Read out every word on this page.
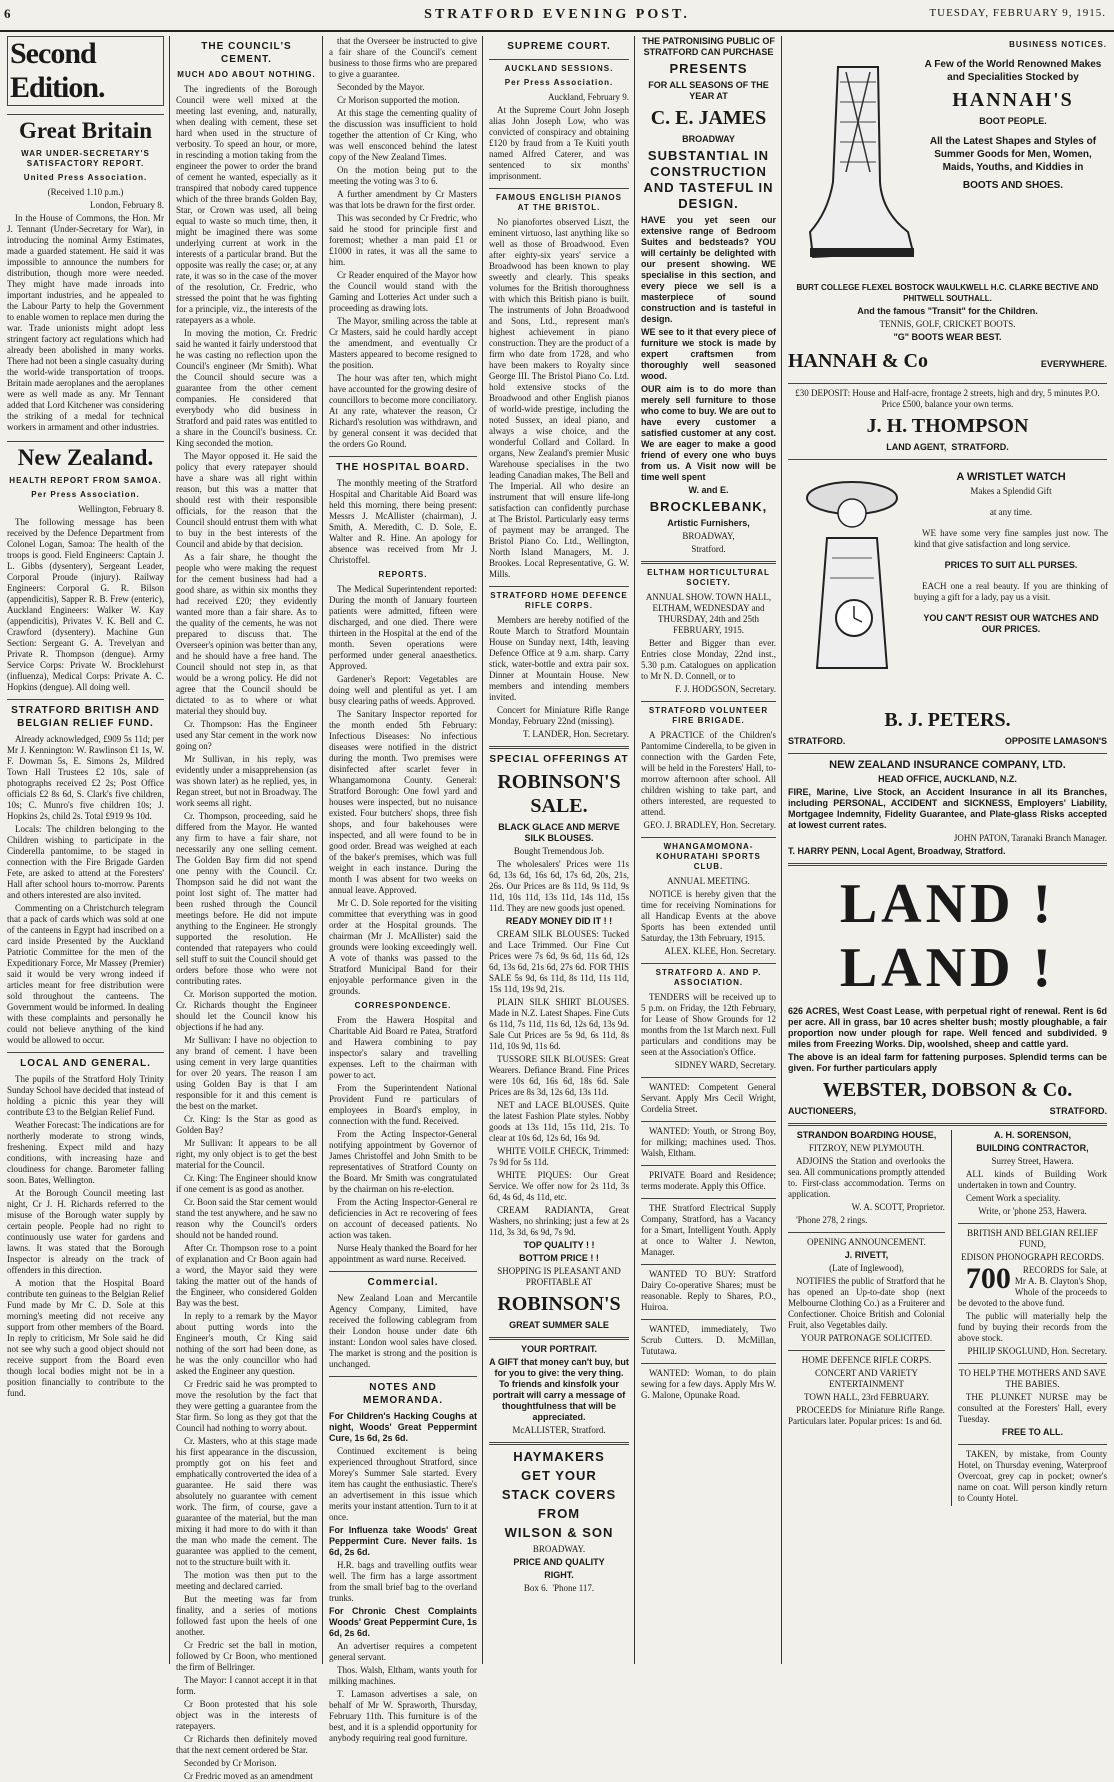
6	STRATFORD EVENING POST.	TUESDAY, FEBRUARY 9, 1915.
Second Edition.
Great Britain
WAR UNDER-SECRETARY'S SATISFACTORY REPORT.
United Press Association.

(Received 1.10 p.m.)

London, February 8.

In the House of Commons, the Hon. Mr J. Tennant (Under-Secretary for War), in introducing the nominal Army Estimates, made a guarded statement. He said it was impossible to announce the numbers for distribution, though more were needed. They might have made inroads into important industries, and he appealed to the Labour Party to help the Government to enable women to replace men during the war. Trade unionists might adopt less stringent factory act regulations which had already been abolished in many works. There had not been a single casualty during the world-wide transportation of troops. Britain made aeroplanes and the aeroplanes were as well made as any. Mr Tennant added that Lord Kitchener was considering the striking of a medal for technical workers in armament and other industries.

New Zealand.
HEALTH REPORT FROM SAMOA.
Per Press Association.

Wellington, February 8.

The following message has been received by the Defence Department from Colonel Logan, Samoa: The health of the troops is good. Field Engineers: Captain J. L. Gibbs (dysentery), Sergeant Leader, Corporal Proude (injury). Railway Engineers: Corporal G. R. Bilson (appendicitis), Sapper R. B. Frew (enteric), Auckland Engineers: Walker W. Kay (appendicitis), Privates V. K. Bell and C. Crawford (dysentery). Machine Gun Section: Sergeant G. A. Trevelyan and Private R. Thompson (dengue). Army Service Corps: Private W. Brocklehurst (influenza), Medical Corps: Private A. C. Hopkins (dengue). All doing well.

STRATFORD BRITISH AND BELGIAN RELIEF FUND.

Already acknowledged, £909 5s 11d; per Mr J. Kennington: W. Rawlinson £1 1s, W. F. Dowman 5s, E. Simons 2s, Mildred Town Hall Trustees £2 10s, sale of photographs received £2 2s; Post Office officials £2 8s 6d, S. Clark's five children, 10s; C. Munro's five children 10s; J. Hopkins 2s, child 2s. Total £919 9s 10d.

Locals: The children belonging to the Children wishing to participate in the Cinderella pantomime, to be staged in connection with the Fire Brigade Garden Fete, are asked to attend at the Foresters' Hall after school hours to-morrow. Parents and others interested are also invited.

Commenting on a Christchurch telegram that a pack of cards which was sold at one of the canteens in Egypt had inscribed on a card inside Presented by the Auckland Patriotic Committee for the men of the Expeditionary Force, Mr Massey (Premier) said it would be very wrong indeed if articles meant for free distribution were sold throughout the canteens. The Government would be informed. In dealing with these complaints and personally he could not believe anything of the kind would be allowed to occur.

LOCAL AND GENERAL.

The pupils of the Stratford Holy Trinity Sunday School have decided that instead of holding a picnic this year they will contribute £3 to the Belgian Relief Fund.

Weather Forecast: The indications are for northerly moderate to strong winds, freshening. Expect mild and hazy conditions, with increasing haze and cloudiness for change. Barometer falling soon. Bates, Wellington.

At the Borough Council meeting last night, Cr J. H. Richards referred to the misuse of the Borough water supply by certain people. People had no right to continuously use water for gardens and lawns. It was stated that the Borough Inspector is already on the track of offenders in this direction.

A motion that the Hospital Board contribute ten guineas to the Belgian Relief Fund made by Mr C. D. Sole at this morning's meeting did not receive any support from other members of the Board. In reply to criticism, Mr Sole said he did not see why such a good object should not receive support from the Board even though local bodies might not be in a position financially to contribute to the fund.

THE COUNCIL'S CEMENT.
MUCH ADO ABOUT NOTHING.

The ingredients of the Borough Council were well mixed at the meeting last evening, and, naturally, when dealing with cement, these set hard when used in the structure of verbosity. To speed an hour, or more, in rescinding a motion taking from the engineer the power to order the brand of cement he wanted, especially as it transpired that nobody cared tuppence which of the three brands Golden Bay, Star, or Crown was used, all being equal to waste so much time, then, it might be imagined there was some underlying current at work in the interests of a particular brand. But the opposite was really the case; or, at any rate, it was so in the case of the mover of the resolution, Cr. Fredric, who stressed the point that he was fighting for a principle, viz., the interests of the ratepayers as a whole.

In moving the motion, Cr. Fredric said he wanted it fairly understood that he was casting no reflection upon the Council's engineer (Mr Smith). What the Council should secure was a guarantee from the other cement companies. He considered that everybody who did business in Stratford and paid rates was entitled to a share in the Council's business. Cr. King seconded the motion.

The Mayor opposed it. He said the policy that every ratepayer should have a share was all right within reason, but this was a matter that should rest with their responsible officials, for the reason that the Council should entrust them with what to buy in the best interests of the Council and abide by that decision.

As a fair share, he thought the people who were making the request for the cement business had had a good share, as within six months they had received £20; they evidently wanted more than a fair share. As to the quality of the cements, he was not prepared to discuss that. The Overseer's opinion was better than any, and he should have a free hand. The Council should not step in, as that would be a wrong policy. He did not agree that the Council should be dictated to as to where or what material they should buy.

Cr. Thompson: Has the Engineer used any Star cement in the work now going on?

Mr Sullivan, in his reply, was evidently under a misapprehension (as was shown later) as he replied, yes, in Regan street, but not in Broadway. The work seems all right.

Cr. Thompson, proceeding, said he differed from the Mayor. He wanted any firm to have a fair share, not necessarily any one selling cement. The Golden Bay firm did not spend one penny with the Council. Cr. Thompson said he did not want the point lost sight of. The matter had been rushed through the Council meetings before. He did not impute anything to the Engineer. He strongly supported the resolution. He contended that ratepayers who could sell stuff to suit the Council should get orders before those who were not contributing rates.

Cr. Morison supported the motion. Cr. Richards thought the Engineer should let the Council know his objections if he had any.

Mr Sullivan: I have no objection to any brand of cement. I have been using cement in very large quantities for over 20 years. The reason I am using Golden Bay is that I am responsible for it and this cement is the best on the market.

Cr. King: Is the Star as good as Golden Bay?

Mr Sullivan: It appears to be all right, my only object is to get the best material for the Council.

Cr. King: The Engineer should know if one cement is as good as another.

Cr. Boon said the Star cement would stand the test anywhere, and he saw no reason why the Council's orders should not be handed round.

After Cr. Thompson rose to a point of explanation and Cr Boon again had a word, the Mayor said they were taking the matter out of the hands of the Engineer, who considered Golden Bay was the best.

In reply to a remark by the Mayor about putting words into the Engineer's mouth, Cr King said nothing of the sort had been done, as he was the only councillor who had asked the Engineer any question.

Cr Fredric said he was prompted to move the resolution by the fact that they were getting a guarantee from the Star firm. So long as they got that the Council had nothing to worry about.

Cr. Masters, who at this stage made his first appearance in the discussion, promptly got on his feet and emphatically controverted the idea of a guarantee. He said there was absolutely no guarantee with cement work. The firm, of course, gave a guarantee of the material, but the man mixing it had more to do with it than the man who made the cement. The guarantee was applied to the cement, not to the structure built with it.

The motion was then put to the meeting and declared carried.

But the meeting was far from finality, and a series of motions followed fast upon the heels of one another.

Cr Fredric set the ball in motion, followed by Cr Boon, who mentioned the firm of Bellringer.

The Mayor: I cannot accept it in that form.

Cr Boon protested that his sole object was in the interests of ratepayers.

Cr Richards then definitely moved that the next cement ordered be Star.

Seconded by Cr Morison.

Cr Fredric moved as an amendment

that the Overseer be instructed to give a fair share of the Council's cement business to those firms who are prepared to give a guarantee.

Seconded by the Mayor.

Cr Morison supported the motion.

At this stage the cementing quality of the discussion was insufficient to hold together the attention of Cr King, who was well ensconced behind the latest copy of the New Zealand Times.

On the motion being put to the meeting the voting was 3 to 6.

A further amendment by Cr Masters was that lots be drawn for the first order.

This was seconded by Cr Fredric, who said he stood for principle first and foremost; whether a man paid £1 or £1000 in rates, it was all the same to him.

Cr Reader enquired of the Mayor how the Council would stand with the Gaming and Lotteries Act under such a proceeding as drawing lots.

The Mayor, smiling across the table at Cr Masters, said he could hardly accept the amendment, and eventually Cr Masters appeared to become resigned to the position.

The hour was after ten, which might have accounted for the growing desire of councillors to become more conciliatory. At any rate, whatever the reason, Cr Richard's resolution was withdrawn, and by general consent it was decided that the orders Go Round.

THE HOSPITAL BOARD.

The monthly meeting of the Stratford Hospital and Charitable Aid Board was held this morning, there being present: Messrs J. McAllister (chairman), J. Smith, A. Meredith, C. D. Sole, E. Walter and R. Hine. An apology for absence was received from Mr J. Christoffel.

REPORTS.

The Medical Superintendent reported: During the month of January fourteen patients were admitted, fifteen were discharged, and one died. There were thirteen in the Hospital at the end of the month. Seven operations were performed under general anaesthetics. Approved.

Gardener's Report: Vegetables are doing well and plentiful as yet. I am busy clearing paths of weeds. Approved.

The Sanitary Inspector reported for the month ended 5th February: Infectious Diseases: No infectious diseases were notified in the district during the month. Two premises were disinfected after scarlet fever in Whangamomona County. General: Stratford Borough: One fowl yard and houses were inspected, but no nuisance existed. Four butchers' shops, three fish shops, and four bakehouses were inspected, and all were found to be in good order. Bread was weighed at each of the baker's premises, which was full weight in each instance. During the month I was absent for two weeks on annual leave. Approved.

Mr C. D. Sole reported for the visiting committee that everything was in good order at the Hospital grounds. The chairman (Mr J. McAllister) said the grounds were looking exceedingly well. A vote of thanks was passed to the Stratford Municipal Band for their enjoyable performance given in the grounds.

CORRESPONDENCE.

From the Hawera Hospital and Charitable Aid Board re Patea, Stratford and Hawera combining to pay inspector's salary and travelling expenses. Left to the chairman with power to act.

From the Superintendent National Provident Fund re particulars of employees in Board's employ, in connection with the fund. Received.

From the Acting Inspector-General notifying appointment by Governor of James Christoffel and John Smith to be representatives of Stratford County on the Board. Mr Smith was congratulated by the chairman on his re-election.

From the Acting Inspector-General re deficiencies in Act re recovering of fees on account of deceased patients. No action was taken.

Nurse Healy thanked the Board for her appointment as ward nurse. Received.

Commercial.

New Zealand Loan and Mercantile Agency Company, Limited, have received the following cablegram from their London house under date 6th instant: London wool sales have closed. The market is strong and the position is unchanged.

NOTES AND MEMORANDA.

For Children's Hacking Coughs at night, Woods' Great Peppermint Cure, 1s 6d, 2s 6d.

Continued excitement is being experienced throughout Stratford, since Morey's Summer Sale started. Every item has caught the enthusiastic. There's an advertisement in this issue which merits your instant attention. Turn to it at once.

For Influenza take Woods' Great Peppermint Cure. Never fails. 1s 6d, 2s 6d.

H.R. bags and travelling outfits wear well. The firm has a large assortment from the small brief bag to the overland trunks.

For Chronic Chest Complaints Woods' Great Peppermint Cure, 1s 6d, 2s 6d.

An advertiser requires a competent general servant.

Thos. Walsh, Eltham, wants youth for milking machines.

T. Lamason advertises a sale, on behalf of Mr W. Spraworth, Thursday, February 11th. This furniture is of the best, and it is a splendid opportunity for anybody requiring real good furniture.

SUPREME COURT.
AUCKLAND SESSIONS.
Per Press Association.

Auckland, February 9.

At the Supreme Court John Joseph alias John Joseph Low, who was convicted of conspiracy and obtaining £120 by fraud from a Te Kuiti youth named Alfred Caterer, and was sentenced to six months' imprisonment.

FAMOUS ENGLISH PIANOS AT THE BRISTOL.

No pianofortes observed Liszt, the eminent virtuoso, last anything like so well as those of Broadwood. Even after eighty-six years' service a Broadwood has been known to play sweetly and clearly. This speaks volumes for the British thoroughness with which this British piano is built. The instruments of John Broadwood and Sons, Ltd., represent man's highest achievement in piano construction. They are the product of a firm who date from 1728, and who have been makers to Royalty since George III. The Bristol Piano Co. Ltd. hold extensive stocks of the Broadwood and other English pianos of world-wide prestige, including the noted Sussex, an ideal piano, and always a wise choice, and the wonderful Collard and Collard. In organs, New Zealand's premier Music Warehouse specialises in the two leading Canadian makes, The Bell and The Imperial. All who desire an instrument that will ensure life-long satisfaction can confidently purchase at The Bristol. Particularly easy terms of payment may be arranged. The Bristol Piano Co. Ltd., Wellington, North Island Managers, M. J. Brookes. Local Representative, G. W. Mills.

STRATFORD HOME DEFENCE RIFLE CORPS.

Members are hereby notified of the Route March to Stratford Mountain House on Sunday next, 14th, leaving Defence Office at 9 a.m. sharp. Carry stick, water-bottle and extra pair sox. Dinner at Mountain House. New members and intending members invited.

Concert for Miniature Rifle Range Monday, February 22nd (missing).

T. LANDER, Hon. Secretary.

SPECIAL OFFERINGS AT
ROBINSON'S SALE.

BLACK GLACE AND MERVE SILK BLOUSES.

Bought Tremendous Job.

The wholesalers' Prices were 11s 6d, 13s 6d, 16s 6d, 17s 6d, 20s, 21s, 26s. Our Prices are 8s 11d, 9s 11d, 9s 11d, 10s 11d, 13s 11d, 14s 11d, 15s 11d. They are new goods just opened.

READY MONEY DID IT ! !

CREAM SILK BLOUSES: Tucked and Lace Trimmed. Our Fine Cut Prices were 7s 6d, 9s 6d, 11s 6d, 12s 6d, 13s 6d, 21s 6d, 27s 6d. FOR THIS SALE 5s 9d, 6s 11d, 8s 11d, 11s 11d, 15s 11d, 19s 9d, 21s.

PLAIN SILK SHIRT BLOUSES. Made in N.Z. Latest Shapes. Fine Cuts 6s 11d, 7s 11d, 11s 6d, 12s 6d, 13s 9d. Sale Cut Prices are 5s 9d, 6s 11d, 8s 11d, 10s 9d, 11s 6d.

TUSSORE SILK BLOUSES: Great Wearers. Defiance Brand. Fine Prices were 10s 6d, 16s 6d, 18s 6d. Sale Prices are 8s 3d, 12s 6d, 13s 11d.

NET and LACE BLOUSES. Quite the latest Fashion Plate styles. Nobby goods at 13s 11d, 15s 11d, 21s. To clear at 10s 6d, 12s 6d, 16s 9d.

WHITE VOILE CHECK, Trimmed: 7s 9d for 5s 11d.

WHITE PIQUES: Our Great Service. We offer now for 2s 11d, 3s 6d, 4s 6d, 4s 11d, etc.

CREAM RADIANTA, Great Washers, no shrinking; just a few at 2s 11d, 3s 3d, 6s 9d, 7s 9d.

TOP QUALITY ! !

BOTTOM PRICE ! !

SHOPPING IS PLEASANT AND PROFITABLE AT

ROBINSON'S

GREAT SUMMER SALE

YOUR PORTRAIT.

A GIFT that money can't buy, but for you to give: the very thing. To friends and kinsfolk your portrait will carry a message of thoughtfulness that will be appreciated.

McALLISTER, Stratford.

HAYMAKERS
GET YOUR
STACK COVERS
FROM
WILSON & SON

BROADWAY.

PRICE AND QUALITY

RIGHT.

Box 6. 'Phone 117.

THE PATRONISING PUBLIC OF STRATFORD CAN PURCHASE

PRESENTS

FOR ALL SEASONS OF THE YEAR AT

C. E. JAMES

BROADWAY

SUBSTANTIAL IN CONSTRUCTION AND TASTEFUL IN DESIGN.

HAVE you yet seen our extensive range of Bedroom Suites and bedsteads? YOU will certainly be delighted with our present showing. WE specialise in this section, and every piece we sell is a masterpiece of sound construction and is tasteful in design.

WE see to it that every piece of furniture we stock is made by expert craftsmen from thoroughly well seasoned wood.

OUR aim is to do more than merely sell furniture to those who come to buy. We are out to have every customer a satisfied customer at any cost. We are eager to make a good friend of every one who buys from us. A Visit now will be time well spent

W. and E.

BROCKLEBANK,

Artistic Furnishers,

BROADWAY,

Stratford.

ELTHAM HORTICULTURAL SOCIETY.

ANNUAL SHOW. TOWN HALL, ELTHAM, WEDNESDAY and THURSDAY, 24th and 25th FEBRUARY, 1915.

Better and Bigger than ever. Entries close Monday, 22nd inst., 5.30 p.m. Catalogues on application to Mr N. D. Connell, or to

F. J. HODGSON, Secretary.

STRATFORD VOLUNTEER FIRE BRIGADE.

A PRACTICE of the Children's Pantomime Cinderella, to be given in connection with the Garden Fete, will be held in the Foresters' Hall, to-morrow afternoon after school. All children wishing to take part, and others interested, are requested to attend.

GEO. J. BRADLEY, Hon. Secretary.

WHANGAMOMONA-KOHURATAHI SPORTS CLUB.

ANNUAL MEETING.

NOTICE is hereby given that the time for receiving Nominations for all Handicap Events at the above Sports has been extended until Saturday, the 13th February, 1915.

ALEX. KLEE, Hon. Secretary.

STRATFORD A. AND P. ASSOCIATION.

TENDERS will be received up to 5 p.m. on Friday, the 12th February, for Lease of Show Grounds for 12 months from the 1st March next. Full particulars and conditions may be seen at the Association's Office.

SIDNEY WARD, Secretary.

WANTED: Competent General Servant. Apply Mrs Cecil Wright, Cordelia Street.

WANTED: Youth, or Strong Boy, for milking; machines used. Thos. Walsh, Eltham.

PRIVATE Board and Residence; terms moderate. Apply this Office.

THE Stratford Electrical Supply Company, Stratford, has a Vacancy for a Smart, Intelligent Youth. Apply at once to Walter J. Newton, Manager.

WANTED TO BUY: Stratford Dairy Co-operative Shares; must be reasonable. Reply to Shares, P.O., Huiroa.

WANTED, immediately, Two Scrub Cutters. D. McMillan, Tututawa.

WANTED: Woman, to do plain sewing for a few days. Apply Mrs W. G. Malone, Opunake Road.

BUSINESS NOTICES.

A Few of the World Renowned Makes and Specialities Stocked by

HANNAH'S

BOOT PEOPLE.

All the Latest Shapes and Styles of Summer Goods for Men, Women, Maids, Youths, and Kiddies in

BOOTS AND SHOES.

BURT COLLEGE FLEXEL BOSTOCK WAULKWELL H.C. CLARKE BECTIVE AND PHITWELL SOUTHALL.

And the famous "Transit" for the Children.

TENNIS, GOLF, CRICKET BOOTS.

"G" BOOTS WEAR BEST.

HANNAH & Co	EVERYWHERE.

£30 DEPOSIT: House and Half-acre, frontage 2 streets, high and dry, 5 minutes P.O. Price £500, balance your own terms.

J. H. THOMPSON

LAND AGENT, STRATFORD.

A WRISTLET WATCH

Makes a Splendid Gift

at any time.

WE have some very fine samples just now. The kind that give satisfaction and long service.

PRICES TO SUIT ALL PURSES.

EACH one a real beauty. If you are thinking of buying a gift for a lady, pay us a visit.

YOU CAN'T RESIST OUR WATCHES AND OUR PRICES.

B. J. PETERS.
STRATFORD.	OPPOSITE LAMASON'S

NEW ZEALAND INSURANCE COMPANY, LTD.

HEAD OFFICE, AUCKLAND, N.Z.

FIRE, Marine, Live Stock, an Accident Insurance in all its Branches, including PERSONAL, ACCIDENT and SICKNESS, Employers' Liability, Mortgagee Indemnity, Fidelity Guarantee, and Plate-glass Risks accepted at lowest current rates.

JOHN PATON, Taranaki Branch Manager.

T. HARRY PENN, Local Agent, Broadway, Stratford.

LAND ! LAND !

626 ACRES, West Coast Lease, with perpetual right of renewal. Rent is 6d per acre. All in grass, bar 10 acres shelter bush; mostly ploughable, a fair proportion now under plough for rape. Well fenced and subdivided. 9 miles from Freezing Works. Dip, woolshed, sheep and cattle yard.

The above is an ideal farm for fattening purposes. Splendid terms can be given. For further particulars apply

WEBSTER, DOBSON & Co.
AUCTIONEERS,	STRATFORD.

STRANDON BOARDING HOUSE,

FITZROY, NEW PLYMOUTH.

ADJOINS the Station and overlooks the sea. All communications promptly attended to. First-class accommodation. Terms on application.

W. A. SCOTT, Proprietor.

'Phone 278, 2 rings.

OPENING ANNOUNCEMENT.

J. RIVETT,

(Late of Inglewood),

NOTIFIES the public of Stratford that he has opened an Up-to-date shop (next Melbourne Clothing Co.) as a Fruiterer and Confectioner. Choice British and Colonial Fruit, also Vegetables daily.

YOUR PATRONAGE SOLICITED.

HOME DEFENCE RIFLE CORPS.

CONCERT AND VARIETY ENTERTAINMENT

TOWN HALL, 23rd FEBRUARY.

PROCEEDS for Miniature Rifle Range. Particulars later. Popular prices: 1s and 6d.

A. H. SORENSON,

BUILDING CONTRACTOR,

Surrey Street, Hawera.

ALL kinds of Building Work undertaken in town and Country.

Cement Work a speciality.

Write, or 'phone 253, Hawera.

BRITISH AND BELGIAN RELIEF FUND,

EDISON PHONOGRAPH RECORDS.

700 RECORDS for Sale, at Mr A. B. Clayton's Shop, Whole of the proceeds to be devoted to the above fund.

The public will materially help the fund by buying their records from the above stock.

PHILIP SKOGLUND, Hon. Secretary.

TO HELP THE MOTHERS AND SAVE THE BABIES.

THE PLUNKET NURSE may be consulted at the Foresters' Hall, every Tuesday.

FREE TO ALL.

TAKEN, by mistake, from County Hotel, on Thursday evening, Waterproof Overcoat, grey cap in pocket; owner's name on coat. Will person kindly return to County Hotel.
